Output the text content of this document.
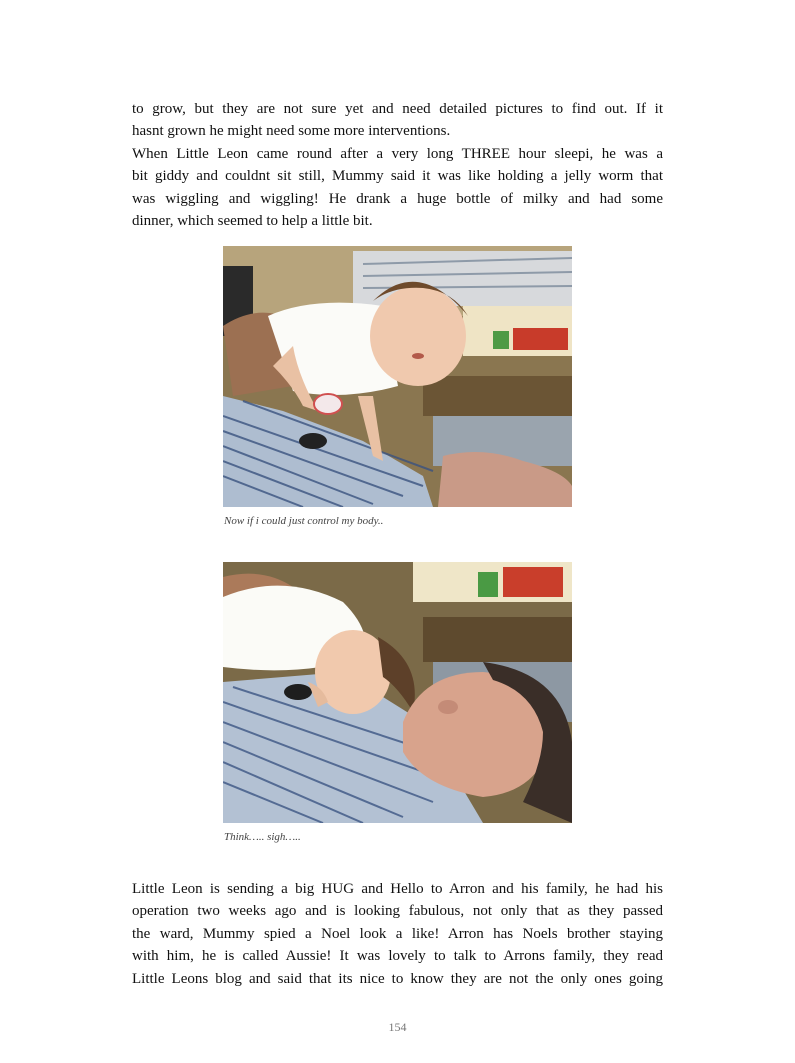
to grow, but they are not sure yet and need detailed pictures to find out. If it
hasnt grown he might need some more interventions.
When Little Leon came round after a very long THREE hour sleepi, he was a
bit giddy and couldnt sit still, Mummy said it was like holding a jelly worm that
was wiggling and wiggling! He drank a huge bottle of milky and had some
dinner, which seemed to help a little bit.

Now if i could just control my body..

Think….. sigh…..

Little Leon is sending a big HUG and Hello to Arron and his family, he had his
operation two weeks ago and is looking fabulous, not only that as they passed
the ward, Mummy spied a Noel look a like! Arron has Noels brother staying
with him, he is called Aussie! It was lovely to talk to Arrons family, they read
Little Leons blog and said that its nice to know they are not the only ones going
154
